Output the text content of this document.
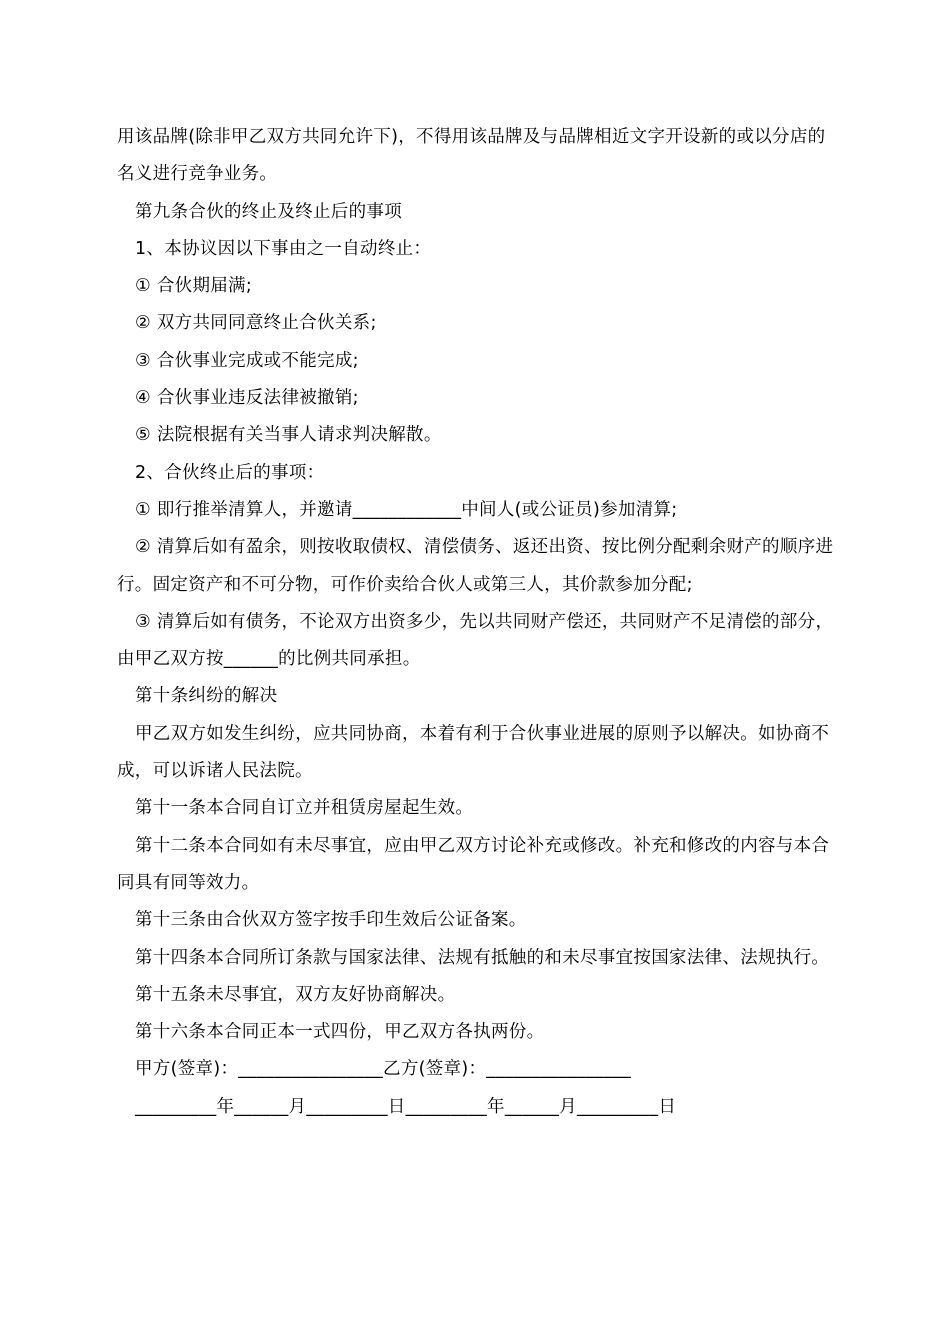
用该品牌(除非甲乙双方共同允许下)，不得用该品牌及与品牌相近文字开设新的或以分店的名义进行竞争业务。

第九条合伙的终止及终止后的事项

1、本协议因以下事由之一自动终止：

① 合伙期届满;

② 双方共同同意终止合伙关系;

③ 合伙事业完成或不能完成;

④ 合伙事业违反法律被撤销;

⑤ 法院根据有关当事人请求判决解散。

2、合伙终止后的事项：

① 即行推举清算人，并邀请____________中间人(或公证员)参加清算;

② 清算后如有盈余，则按收取债权、清偿债务、返还出资、按比例分配剩余财产的顺序进行。固定资产和不可分物，可作价卖给合伙人或第三人，其价款参加分配;

③ 清算后如有债务，不论双方出资多少，先以共同财产偿还，共同财产不足清偿的部分，由甲乙双方按______的比例共同承担。

第十条纠纷的解决

甲乙双方如发生纠纷，应共同协商，本着有利于合伙事业进展的原则予以解决。如协商不成，可以诉诸人民法院。

第十一条本合同自订立并租赁房屋起生效。

第十二条本合同如有未尽事宜，应由甲乙双方讨论补充或修改。补充和修改的内容与本合同具有同等效力。

第十三条由合伙双方签字按手印生效后公证备案。

第十四条本合同所订条款与国家法律、法规有抵触的和未尽事宜按国家法律、法规执行。

第十五条未尽事宜，双方友好协商解决。

第十六条本合同正本一式四份，甲乙双方各执两份。

甲方(签章)：________________乙方(签章)：________________

_________年______月_________日_________年______月_________日
